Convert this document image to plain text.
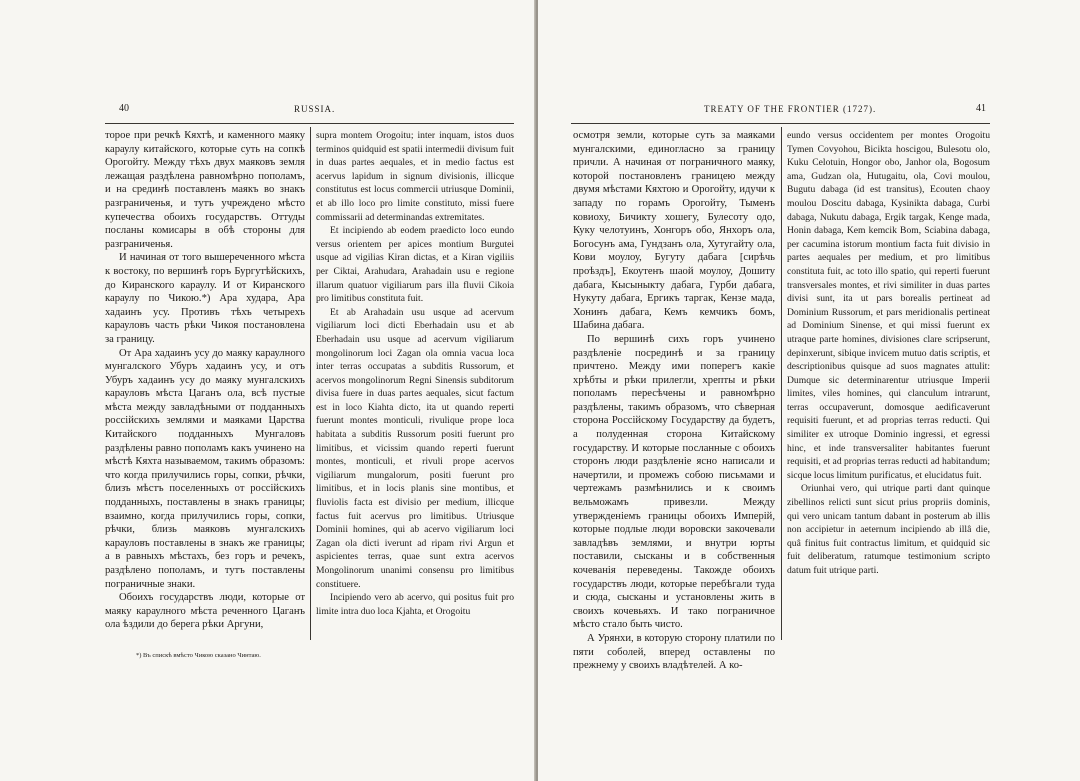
40	RUSSIA.

торое при речкѣ Кяхтѣ, и каменного маяку караулу китайского, которые суть на сопкѣ Орогойту. Между тѣхъ двух маяковъ земля лежащая раздѣлена равномѣрно пополамъ, и на срединѣ поставленъ маякъ во знакъ разграниченья, и тутъ учреждено мѣсто купечества обоихъ государствъ. Оттуды посланы комисары в обѣ стороны для разграниченья.

И начиная от того вышереченного мѣста к востоку, по вершинѣ горъ Бургутѣйскихъ, до Киранского караулу. И от Киранского караулу по Чикою.*) Ара худара, Ара хадаинъ усу. Противъ тѣхъ четырехъ карауловъ часть рѣки Чикоя постановлена за границу.

От Ара хадаинъ усу до маяку караулного мунгалского Убуръ хадаинъ усу, и отъ Убуръ хадаинъ усу до маяку мунгалскихъ карауловъ мѣста Цаганъ ола, всѣ пустые мѣста между завладѣными от подданныхъ россійскихъ землями и маяками Царства Китайского подданныхъ Мунгаловъ раздѣлены равно пополамъ какъ учинено на мѣстѣ Кяхта называемом, такимъ образомъ: что когда прилучились горы, сопки, рѣчки, близъ мѣстъ поселенныхъ от россійскихъ подданныхъ, поставлены в знакъ границы; взаимно, когда прилучились горы, сопки, рѣчки, близь маяковъ мунгалскихъ карауловъ поставлены в знакъ же границы; а в равныхъ мѣстахъ, без горъ и речекъ, раздѣлено пополамъ, и тутъ поставлены пограничные знаки.

Обоихъ государствъ люди, которые от маяку караулного мѣста реченного Цаганъ ола ѣздили до берега рѣки Аргуни,

supra montem Orogoitu; inter inquam, istos duos terminos quidquid est spatii intermedii divisum fuit in duas partes aequales, et in medio factus est acervus lapidum in signum divisionis, illicque constitutus est locus commercii utriusque Dominii, et ab illo loco pro limite constituto, missi fuere commissarii ad determinandas extremitates.

Et incipiendo ab eodem praedicto loco eundo versus orientem per apices montium Burgutei usque ad vigilias Kiran dictas, et a Kiran vigiliis per Ciktai, Arahudara, Arahadain usu e regione illarum quatuor vigiliarum pars illa fluvii Cikoia pro limitibus constituta fuit.

Et ab Arahadain usu usque ad acervum vigiliarum loci dicti Eberhadain usu et ab Eberhadain usu usque ad acervum vigiliarum mongolinorum loci Zagan ola omnia vacua loca inter terras occupatas a subditis Russorum, et acervos mongolinorum Regni Sinensis subditorum divisa fuere in duas partes aequales, sicut factum est in loco Kiahta dicto, ita ut quando reperti fuerunt montes monticuli, rivulique prope loca habitata a subditis Russorum positi fuerunt pro limitibus, et vicissim quando reperti fuerunt montes, monticuli, et rivuli prope acervos vigiliarum mungalorum, positi fuerunt pro limitibus, et in locis planis sine montibus, et fluviolis facta est divisio per medium, illicque factus fuit acervus pro limitibus. Utriusque Dominii homines, qui ab acervo vigiliarum loci Zagan ola dicti iverunt ad ripam rivi Argun et aspicientes terras, quae sunt extra acervos Mongolinorum unanimi consensu pro limitibus constituere.

Incipiendo vero ab acervo, qui positus fuit pro limite intra duo loca Kjahta, et Orogoitu

*) Въ спискѣ вмѣсто Чикою сказано Чинтаю.
TREATY OF THE FRONTIER (1727).	41

осмотря земли, которые суть за маяками мунгалскими, единогласно за границу причли. А начиная от пограничного маяку, которой постановленъ границею между двумя мѣстами Кяхтою и Орогойту, идучи к западу по горамъ Орогойту, Тыменъ ковиоху, Бичикту хошегу, Булесоту одо, Куку челотуинъ, Хонгоръ обо, Янхоръ ола, Богосунъ ама, Гундзанъ ола, Хутугайту ола, Кови моулоу, Бугуту дабага [сирѣчь проѣздъ], Екоутенъ шаой моулоу, Дошиту дабага, Кысыныкту дабага, Гурби дабага, Нукуту дабага, Ергикъ таргак, Кензе мада, Хонинъ дабага, Кемъ кемчикъ бомъ, Шабина дабага.

По вершинѣ сихъ горъ учинено раздѣленіе посрединѣ и за границу причтено. Между ими поперегъ какіе хрѣбты и рѣки прилегли, хрепты и рѣки пополамъ пересѣчены и равномѣрно раздѣлены, такимъ образомъ, что сѣверная сторона Россійскому Государству да будетъ, а полуденная сторона Китайскому государству. И которые посланные с обоихъ сторонъ люди раздѣленіе ясно написали и начертили, и промежъ собою письмами и чертежамъ размѣнились и к своимъ вельможамъ привезли. Между утвержденіемъ границы обоихъ Имперій, которые подлые люди воровски закочевали завладѣвъ землями, и внутри юрты поставили, сысканы и в собственныя кочеванія переведены. Такожде обоихъ государствъ люди, которые перебѣгали туда и сюда, сысканы и установлены жить в своихъ кочевьяхъ. И тако пограничное мѣсто стало быть чисто.

А Урянхи, в которую сторону платили по пяти соболей, вперед оставлены по прежнему у своихъ владѣтелей. А ко-

eundo versus occidentem per montes Orogoitu Tymen Covyohou, Bicikta hoscigou, Bulesotu olo, Kuku Celotuin, Hongor obo, Janhor ola, Bogosum ama, Gudzan ola, Hutugaitu, ola, Covi moulou, Bugutu dabaga (id est transitus), Ecouten chaoy moulou Doscitu dabaga, Kysinikta dabaga, Curbi dabaga, Nukutu dabaga, Ergik targak, Kenge mada, Honin dabaga, Kem kemcik Bom, Sciabina dabaga, per cacumina istorum montium facta fuit divisio in partes aequales per medium, et pro limitibus constituta fuit, ac toto illo spatio, qui reperti fuerunt transversales montes, et rivi similiter in duas partes divisi sunt, ita ut pars borealis pertineat ad Dominium Russorum, et pars meridionalis pertineat ad Dominium Sinense, et qui missi fuerunt ex utraque parte homines, divisiones clare scripserunt, depinxerunt, sibique invicem mutuo datis scriptis, et descriptionibus quisque ad suos magnates attulit: Dumque sic determinarentur utriusque Imperii limites, viles homines, qui clanculum intrarunt, terras occupaverunt, domosque aedificaverunt requisiti fuerunt, et ad proprias terras reducti. Qui similiter ex utroque Dominio ingressi, et egressi hinc, et inde transversaliter habitantes fuerunt requisiti, et ad proprias terras reducti ad habitandum; sicque locus limitum purificatus, et elucidatus fuit.

Oriunhai vero, qui utrique parti dant quinque zibellinos relicti sunt sicut prius propriis dominis, qui vero unicam tantum dabant in posterum ab illis non accipietur in aeternum incipiendo ab illâ die, quâ finitus fuit contractus limitum, et quidquid sic fuit deliberatum, ratumque testimonium scripto datum fuit utrique parti.
